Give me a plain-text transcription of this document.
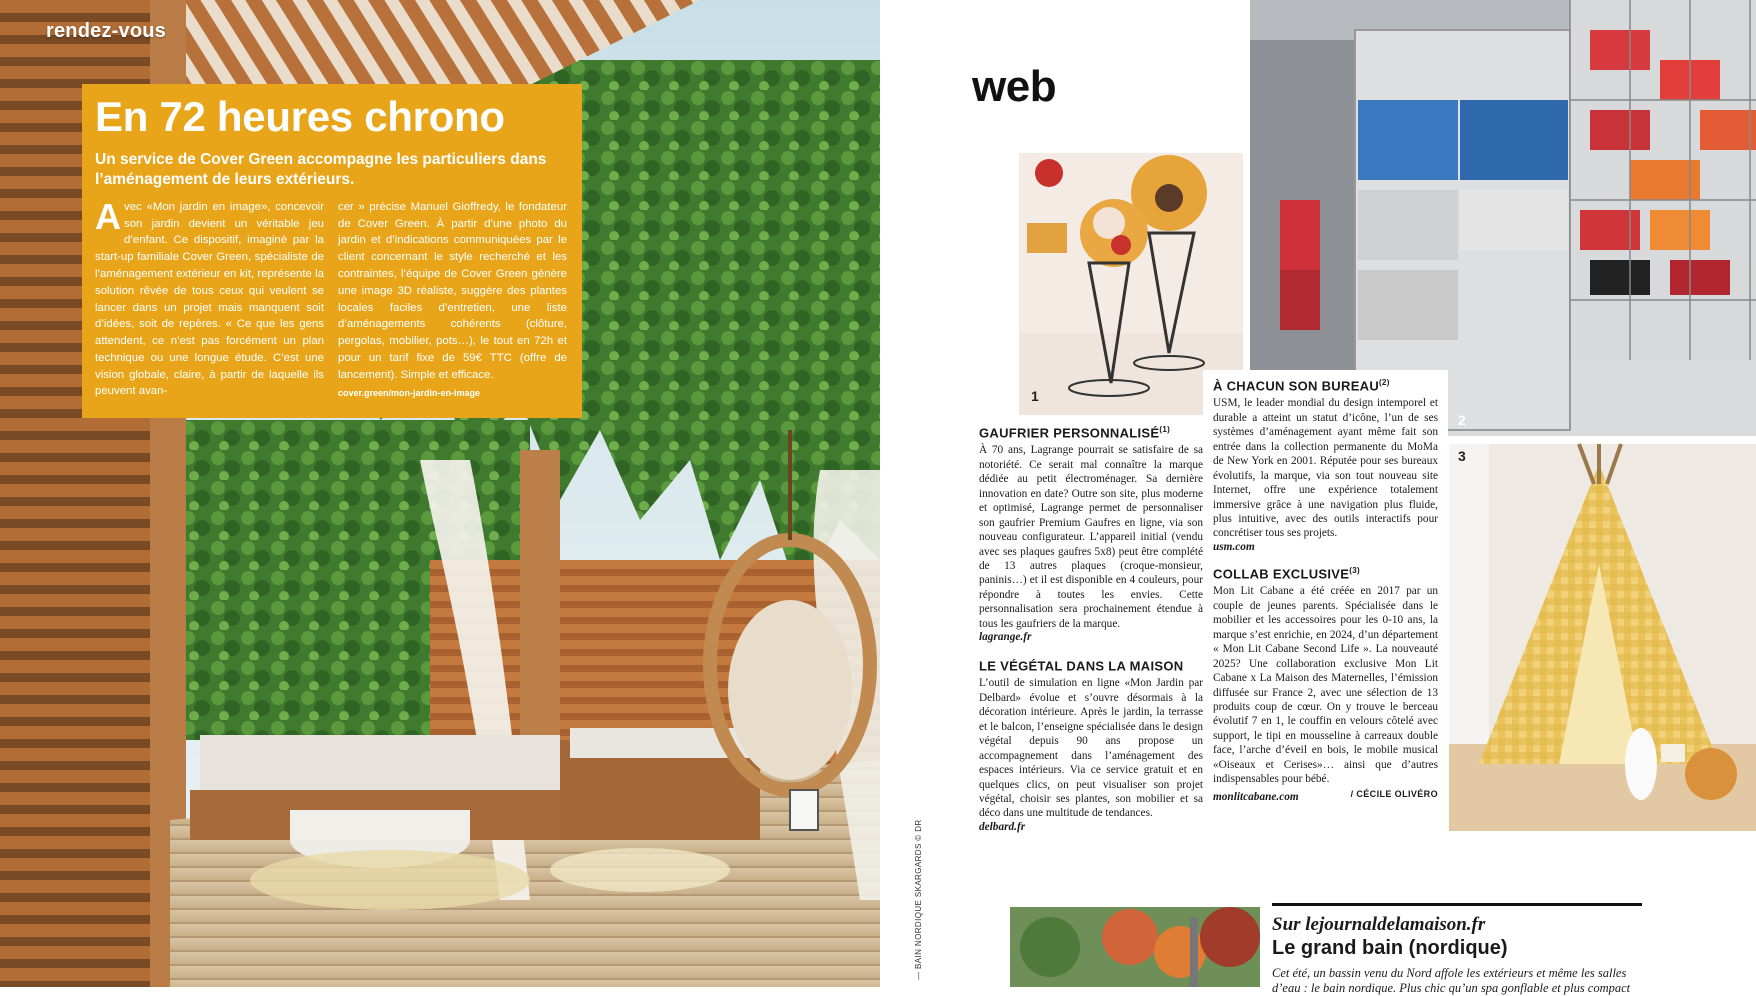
rendez-vous
En 72 heures chrono
Un service de Cover Green accompagne les particuliers dans l’aménagement de leurs extérieurs.
Avec «Mon jardin en image», concevoir son jardin devient un véritable jeu d’enfant. Ce dispositif, imaginé par la start-up familiale Cover Green, spécialiste de l’aménagement extérieur en kit, représente la solution rêvée de tous ceux qui veulent se lancer dans un projet mais manquent soit d’idées, soit de repères. « Ce que les gens attendent, ce n’est pas forcément un plan technique ou une longue étude. C’est une vision globale, claire, à partir de laquelle ils peuvent avan-
cer » précise Manuel Gioffredy, le fondateur de Cover Green. À partir d’une photo du jardin et d’indications communiquées par le client concernant le style recherché et les contraintes, l’équipe de Cover Green génère une image 3D réaliste, suggère des plantes locales faciles d’entretien, une liste d’aménagements cohérents (clôture, pergolas, mobilier, pots…), le tout en 72h et pour un tarif fixe de 59€ TTC (offre de lancement). Simple et efficace.
cover.green/mon-jardin-en-image
— BAIN NORDIQUE SKARGARDS © DR
web
1
2
3
GAUFRIER PERSONNALISÉ$^{(1)}$

À 70 ans, Lagrange pourrait se satisfaire de sa notoriété. Ce serait mal connaître la marque dédiée au petit électroménager. Sa dernière innovation en date? Outre son site, plus moderne et optimisé, Lagrange permet de personnaliser son gaufrier Premium Gaufres en ligne, via son nouveau configurateur. L’appareil initial (vendu avec ses plaques gaufres 5x8) peut être complété de 13 autres plaques (croque-monsieur, paninis…) et il est disponible en 4 couleurs, pour répondre à toutes les envies. Cette personnalisation sera prochainement étendue à tous les gaufriers de la marque.

lagrange.fr
LE VÉGÉTAL DANS LA MAISON

L’outil de simulation en ligne «Mon Jardin par Delbard» évolue et s’ouvre désormais à la décoration intérieure. Après le jardin, la terrasse et le balcon, l’enseigne spécialisée dans le design végétal depuis 90 ans propose un accompagnement dans l’aménagement des espaces intérieurs. Via ce service gratuit et en quelques clics, on peut visualiser son projet végétal, choisir ses plantes, son mobilier et sa déco dans une multitude de tendances.

delbard.fr
À CHACUN SON BUREAU$^{(2)}$

USM, le leader mondial du design intemporel et durable a atteint un statut d’icône, l’un de ses systèmes d’aménagement ayant même fait son entrée dans la collection permanente du MoMa de New York en 2001. Réputée pour ses bureaux évolutifs, la marque, via son tout nouveau site Internet, offre une expérience totalement immersive grâce à une navigation plus fluide, plus intuitive, avec des outils interactifs pour concrétiser tous ses projets.

usm.com
COLLAB EXCLUSIVE$^{(3)}$

Mon Lit Cabane a été créée en 2017 par un couple de jeunes parents. Spécialisée dans le mobilier et les accessoires pour les 0-10 ans, la marque s’est enrichie, en 2024, d’un département « Mon Lit Cabane Second Life ». La nouveauté 2025? Une collaboration exclusive Mon Lit Cabane x La Maison des Maternelles, l’émission diffusée sur France 2, avec une sélection de 13 produits coup de cœur. On y trouve le berceau évolutif 7 en 1, le couffin en velours côtelé avec support, le tipi en mousseline à carreaux double face, l’arche d’éveil en bois, le mobile musical «Oiseaux et Cerises»… ainsi que d’autres indispensables pour bébé.

monlitcabane.com	/ CÉCILE OLIVÉRO
Sur lejournaldelamaison.fr
Le grand bain (nordique)
Cet été, un bassin venu du Nord affole les extérieurs et même les salles d’eau : le bain nordique. Plus chic qu’un spa gonflable et plus compact
